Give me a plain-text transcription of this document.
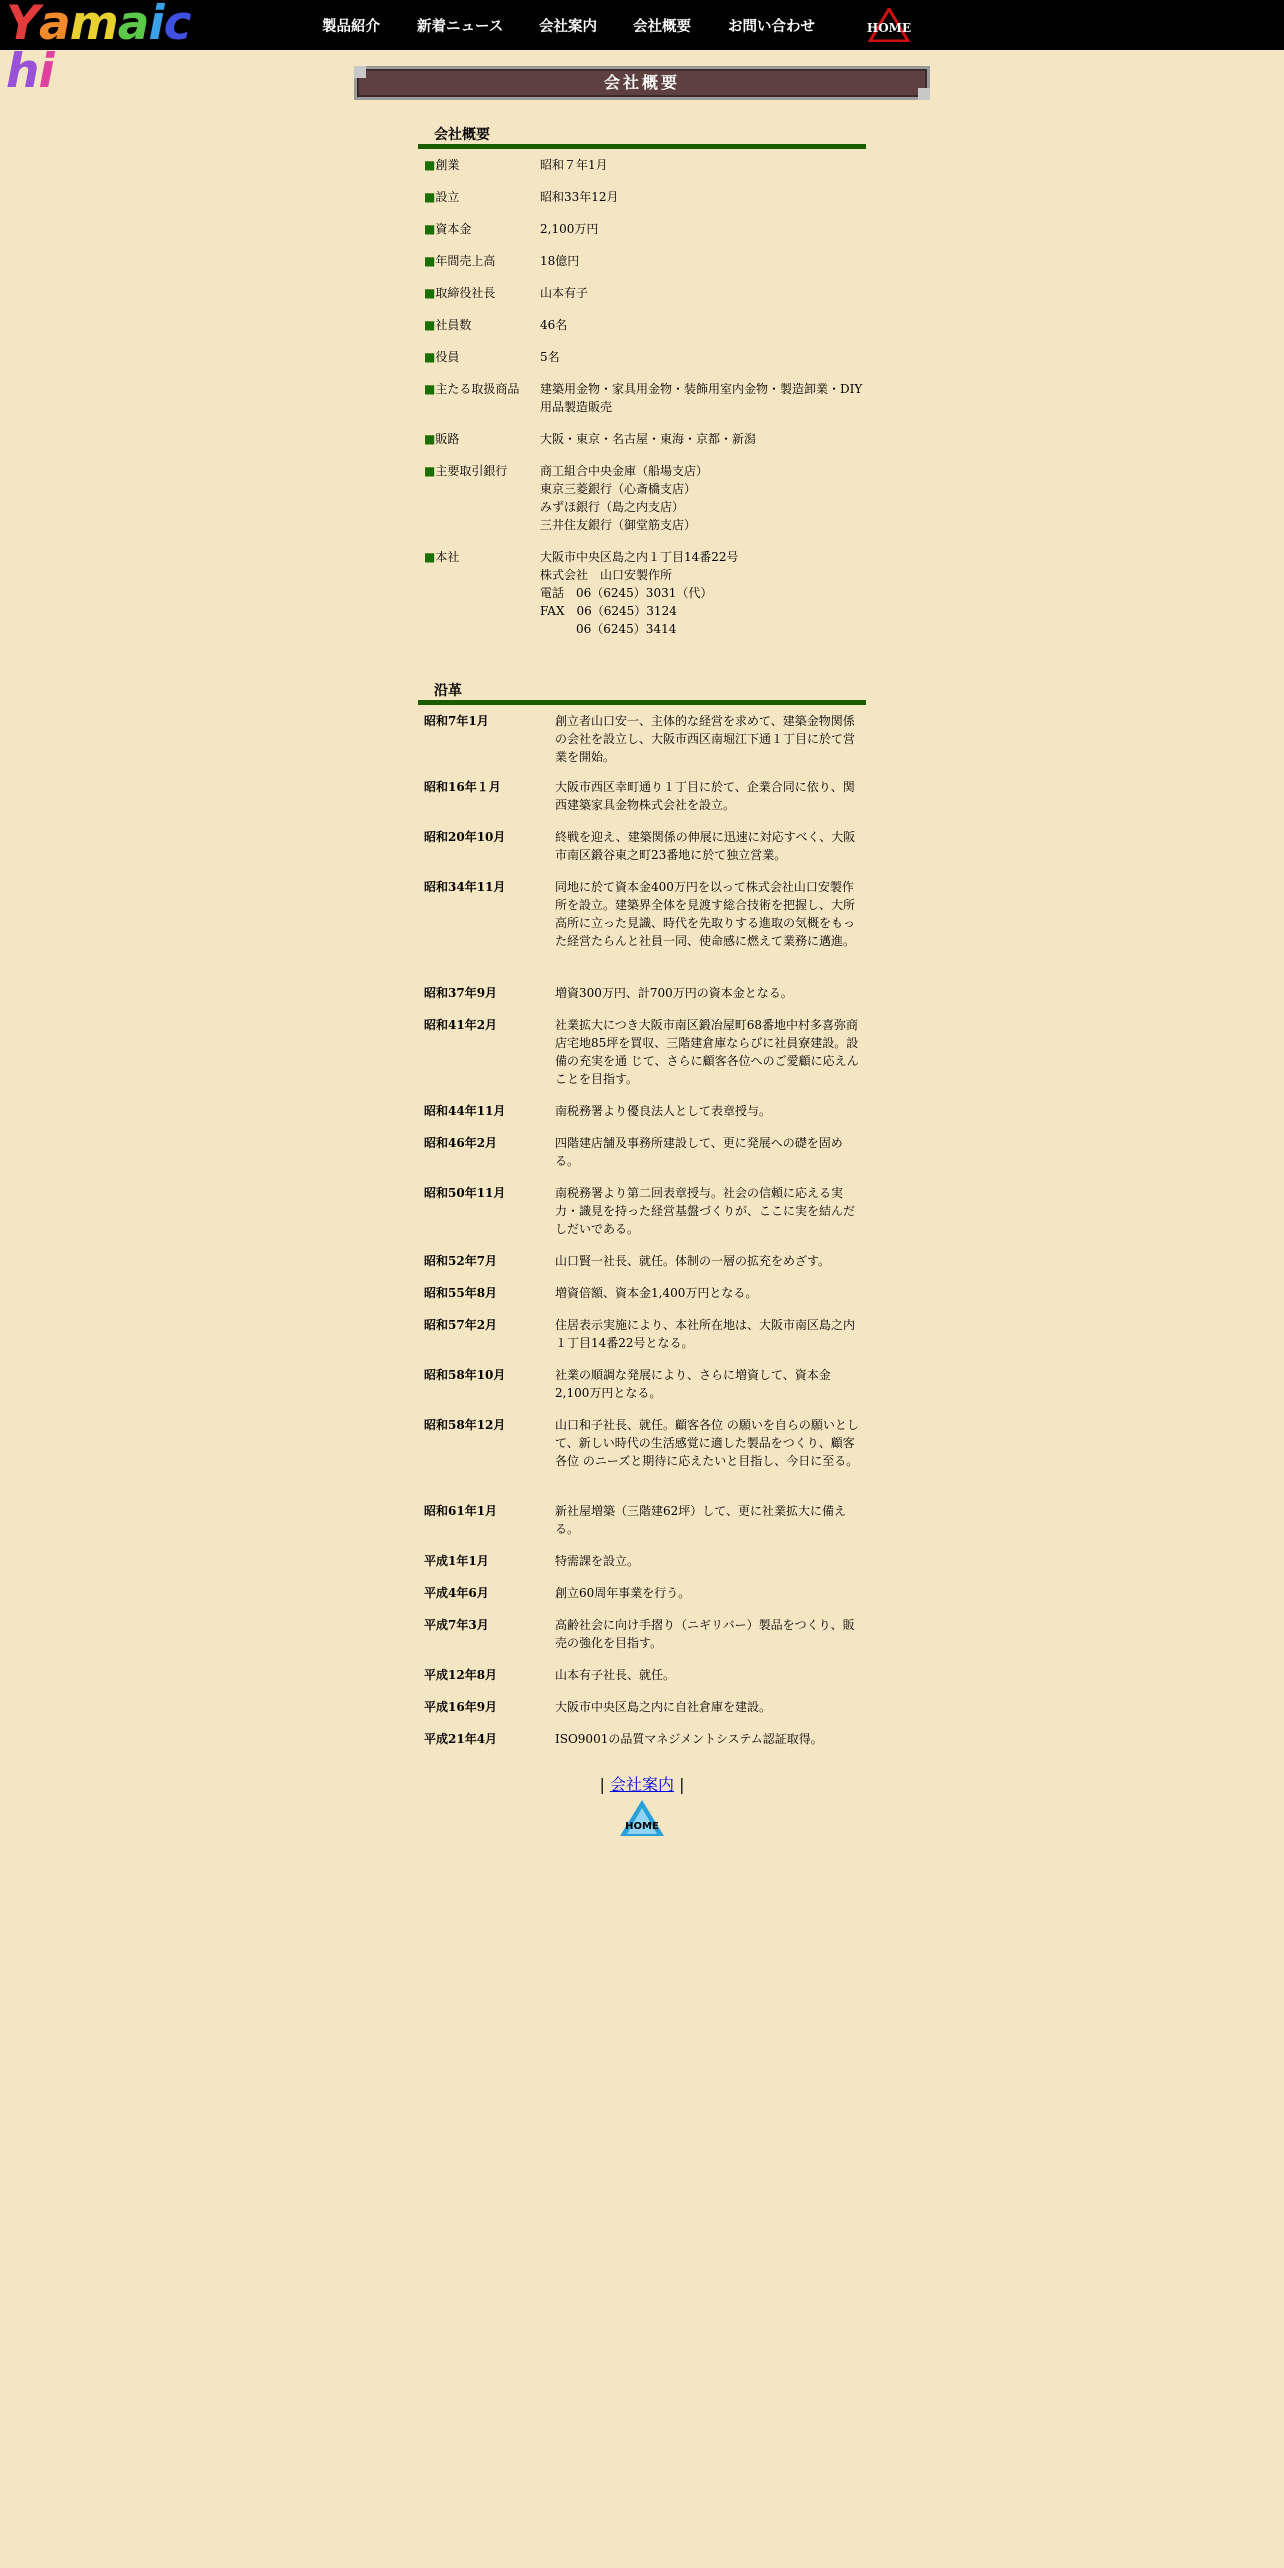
Yamaichi
製品紹介	新着ニュース 会社案内 会社概要	お問い合わせ	HOME
会社概要
会社概要
■創業	昭和７年1月
■設立	昭和33年12月
■資本金	2,100万円
■年間売上高	18億円
■取締役社長	山本有子
■社員数	46名
■役員	5名
■主たる取扱商品 建築用金物・家具用金物・装飾用室内金物・製造卸業・DIY用品製造販売
■販路	大阪・東京・名古屋・東海・京都・新潟
■主要取引銀行	商工組合中央金庫（船場支店）
東京三菱銀行（心斎橋支店）
みずほ銀行（島之内支店）
三井住友銀行（御堂筋支店）
■本社	大阪市中央区島之内１丁目14番22号
株式会社　山口安製作所
電話　06（6245）3031（代）
FAX　06（6245）3124
　　　06（6245）3414
沿革
昭和7年1月	創立者山口安一、主体的な経営を求めて、建築金物関係の会社を設立し、大阪市西区南堀江下通１丁目に於て営業を開始。
昭和16年１月	大阪市西区幸町通り１丁目に於て、企業合同に依り、関西建築家具金物株式会社を設立。
昭和20年10月	終戦を迎え、建築関係の伸展に迅速に対応すべく、大阪市南区鍛谷東之町23番地に於て独立営業。
昭和34年11月	同地に於て資本金400万円を以って株式会社山口安製作所を設立。建築界全体を見渡す総合技術を把握し、大所高所に立った見識、時代を先取りする進取の気概をもった経営たらんと社員一同、使命感に燃えて業務に邁進。
昭和37年9月	増資300万円、計700万円の資本金となる。
昭和41年2月	社業拡大につき大阪市南区鍛冶屋町68番地中村多喜弥商店宅地85坪を買収、三階建倉庫ならびに社員寮建設。設備の充実を通 じて、さらに顧客各位へのご愛顧に応えんことを目指す。
昭和44年11月	南税務署より優良法人として表章授与。
昭和46年2月	四階建店舗及事務所建設して、更に発展への礎を固める。
昭和50年11月	南税務署より第二回表章授与。社会の信頼に応える実力・識見を持った経営基盤づくりが、ここに実を結んだしだいである。
昭和52年7月	山口賢一社長、就任。体制の一層の拡充をめざす。
昭和55年8月	増資倍額、資本金1,400万円となる。
昭和57年2月	住居表示実施により、本社所在地は、大阪市南区島之内１丁目14番22号となる。
昭和58年10月	社業の順調な発展により、さらに増資して、資本金2,100万円となる。
昭和58年12月	山口和子社長、就任。顧客各位 の願いを自らの願いとして、新しい時代の生活感覚に適した製品をつくり、顧客各位 のニーズと期待に応えたいと目指し、今日に至る。
昭和61年1月	新社屋増築（三階建62坪）して、更に社業拡大に備える。
平成1年1月	特需課を設立。
平成4年6月	創立60周年事業を行う。
平成7年3月	高齢社会に向け手摺り（ニギリバー）製品をつくり、販売の強化を目指す。
平成12年8月	山本有子社長、就任。
平成16年9月	大阪市中央区島之内に自社倉庫を建設。
平成21年4月	ISO9001の品質マネジメントシステム認証取得。
| 会社案内 |
HOME
